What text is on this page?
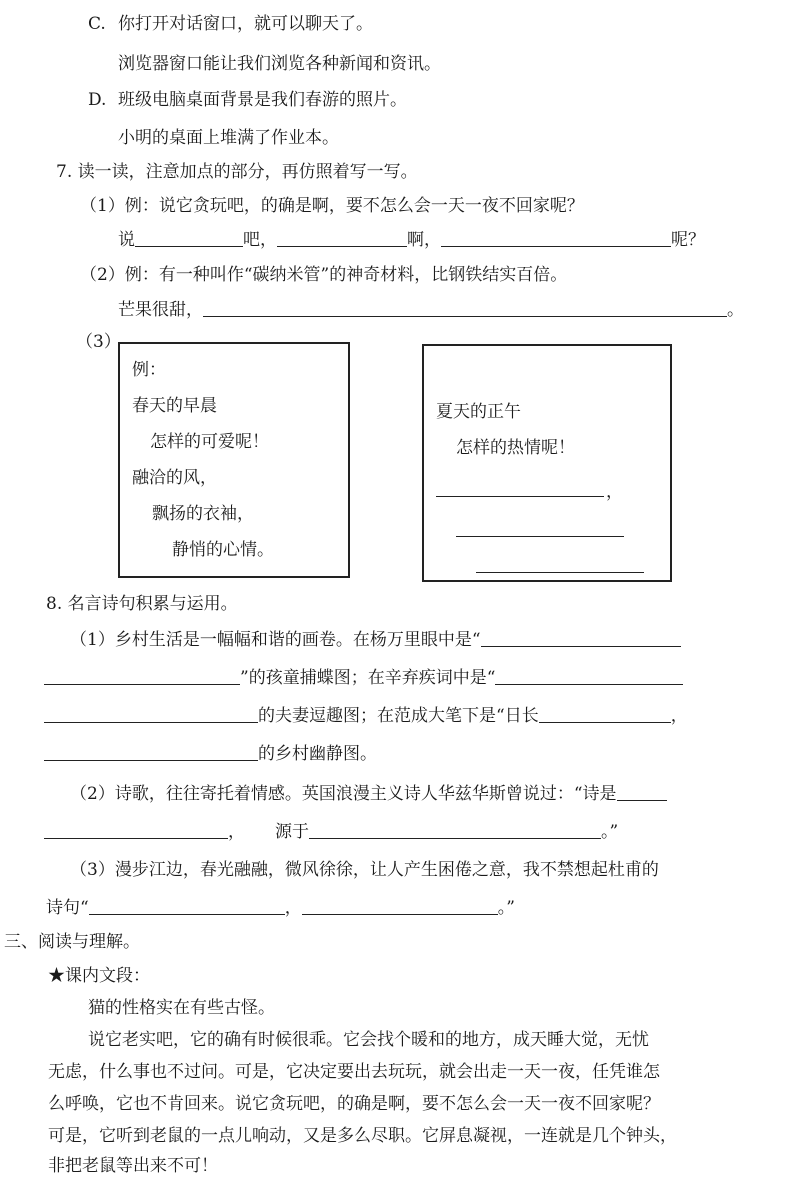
C. 你打开对话窗口，就可以聊天了。
浏览器窗口能让我们浏览各种新闻和资讯。
D. 班级电脑桌面背景是我们春游的照片。
小明的桌面上堆满了作业本。
7. 读一读，注意加点的部分，再仿照着写一写。
（1）例：说它贪玩吧，的确是啊，要不怎么会一天一夜不回家呢？
说	吧，	啊，	呢？
（2）例：有一种叫作“碳纳米管”的神奇材料，比钢铁结实百倍。
芒果很甜，	。
（3）
例：
春天的早晨
怎样的可爱呢！
融洽的风，
飘扬的衣袖，
静悄的心情。
夏天的正午
怎样的热情呢！
，
8. 名言诗句积累与运用。
（1）乡村生活是一幅幅和谐的画卷。在杨万里眼中是“
”的孩童捕蝶图；在辛弃疾词中是“
的夫妻逗趣图；在范成大笔下是“日长	，
的乡村幽静图。
（2）诗歌，往往寄托着情感。英国浪漫主义诗人华兹华斯曾说过：“诗是
， 源于	。”
（3）漫步江边，春光融融，微风徐徐，让人产生困倦之意，我不禁想起杜甫的
诗句“	，	。”
三、阅读与理解。
★课内文段：
猫的性格实在有些古怪。
说它老实吧，它的确有时候很乖。它会找个暖和的地方，成天睡大觉，无忧
无虑，什么事也不过问。可是，它决定要出去玩玩，就会出走一天一夜，任凭谁怎
么呼唤，它也不肯回来。说它贪玩吧，的确是啊，要不怎么会一天一夜不回家呢？
可是，它听到老鼠的一点儿响动，又是多么尽职。它屏息凝视，一连就是几个钟头，
非把老鼠等出来不可！
